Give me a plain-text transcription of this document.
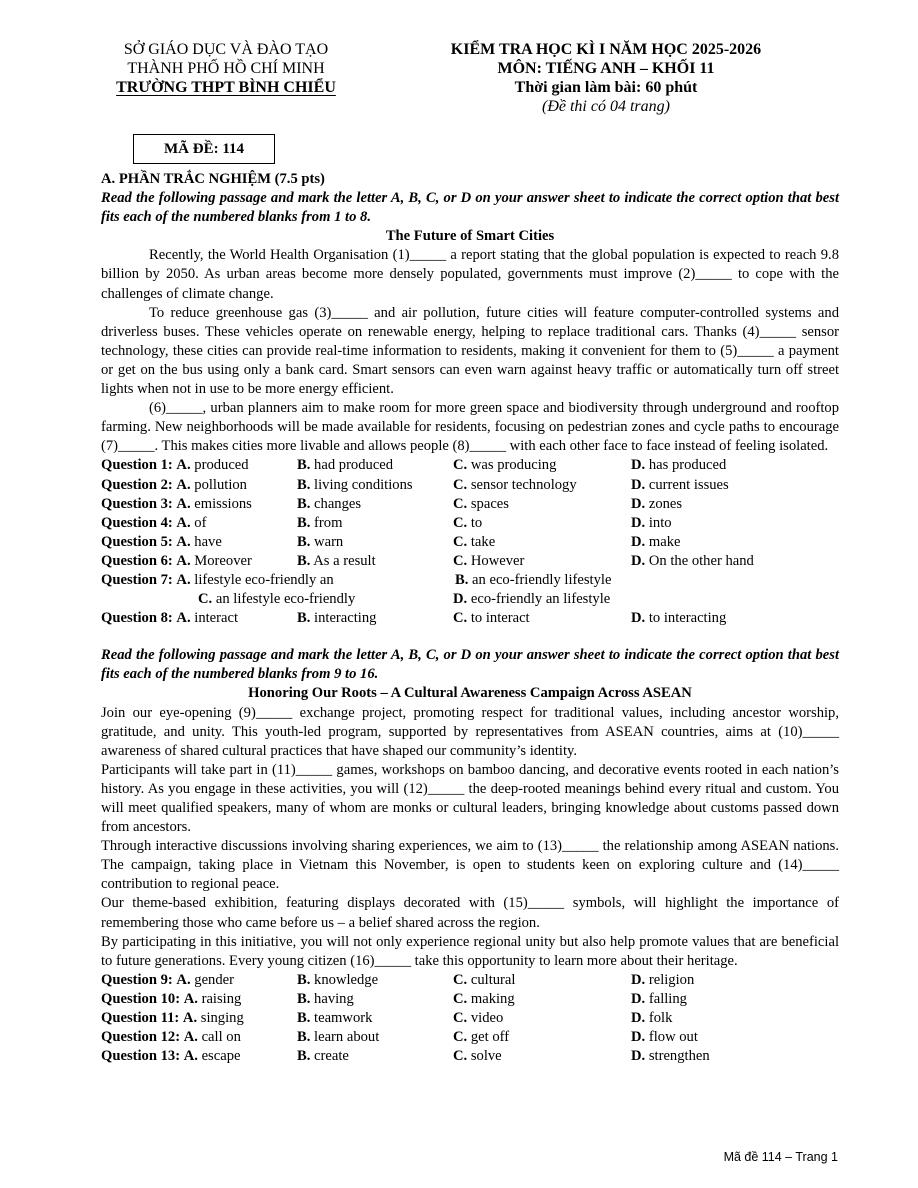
SỞ GIÁO DỤC VÀ ĐÀO TẠO
THÀNH PHỐ HỒ CHÍ MINH
TRƯỜNG THPT BÌNH CHIỂU
KIỂM TRA HỌC KÌ I NĂM HỌC 2025-2026
MÔN: TIẾNG ANH – KHỐI 11
Thời gian làm bài: 60 phút
(Đề thi có 04 trang)
MÃ ĐỀ: 114
A. PHẦN TRẮC NGHIỆM (7.5 pts)

Read the following passage and mark the letter A, B, C, or D on your answer sheet to indicate the correct option that best fits each of the numbered blanks from 1 to 8.

The Future of Smart Cities

Recently, the World Health Organisation (1)_____ a report stating that the global population is expected to reach 9.8 billion by 2050. As urban areas become more densely populated, governments must improve (2)_____ to cope with the challenges of climate change.

To reduce greenhouse gas (3)_____ and air pollution, future cities will feature computer-controlled systems and driverless buses. These vehicles operate on renewable energy, helping to replace traditional cars. Thanks (4)_____ sensor technology, these cities can provide real-time information to residents, making it convenient for them to (5)_____ a payment or get on the bus using only a bank card. Smart sensors can even warn against heavy traffic or automatically turn off street lights when not in use to be more energy efficient.

(6)_____, urban planners aim to make room for more green space and biodiversity through underground and rooftop farming. New neighborhoods will be made available for residents, focusing on pedestrian zones and cycle paths to encourage (7)_____. This makes cities more livable and allows people (8)_____ with each other face to face instead of feeling isolated.

Question 1: A. produced	B. had produced	C. was producing	D. has produced
Question 2: A. pollution	B. living conditions	C. sensor technology	D. current issues
Question 3: A. emissions	B. changes	C. spaces	D. zones
Question 4: A. of	B. from	C. to	D. into
Question 5: A. have	B. warn	C. take	D. make
Question 6: A. Moreover	B. As a result	C. However	D. On the other hand
Question 7: A. lifestyle eco-friendly an	B. an eco-friendly lifestyle
C. an lifestyle eco-friendly	D. eco-friendly an lifestyle
Question 8: A. interact	B. interacting	C. to interact	D. to interacting

Read the following passage and mark the letter A, B, C, or D on your answer sheet to indicate the correct option that best fits each of the numbered blanks from 9 to 16.

Honoring Our Roots – A Cultural Awareness Campaign Across ASEAN

Join our eye-opening (9)_____ exchange project, promoting respect for traditional values, including ancestor worship, gratitude, and unity. This youth-led program, supported by representatives from ASEAN countries, aims at (10)_____ awareness of shared cultural practices that have shaped our community’s identity.

Participants will take part in (11)_____ games, workshops on bamboo dancing, and decorative events rooted in each nation’s history. As you engage in these activities, you will (12)_____ the deep-rooted meanings behind every ritual and custom. You will meet qualified speakers, many of whom are monks or cultural leaders, bringing knowledge about customs passed down from ancestors.

Through interactive discussions involving sharing experiences, we aim to (13)_____ the relationship among ASEAN nations. The campaign, taking place in Vietnam this November, is open to students keen on exploring culture and (14)_____ contribution to regional peace.

Our theme-based exhibition, featuring displays decorated with (15)_____ symbols, will highlight the importance of remembering those who came before us – a belief shared across the region.

By participating in this initiative, you will not only experience regional unity but also help promote values that are beneficial to future generations. Every young citizen (16)_____ take this opportunity to learn more about their heritage.

Question 9: A. gender	B. knowledge	C. cultural	D. religion
Question 10: A. raising	B. having	C. making	D. falling
Question 11: A. singing	B. teamwork	C. video	D. folk
Question 12: A. call on	B. learn about	C. get off	D. flow out
Question 13: A. escape	B. create	C. solve	D. strengthen
Mã đề 114 – Trang 1
